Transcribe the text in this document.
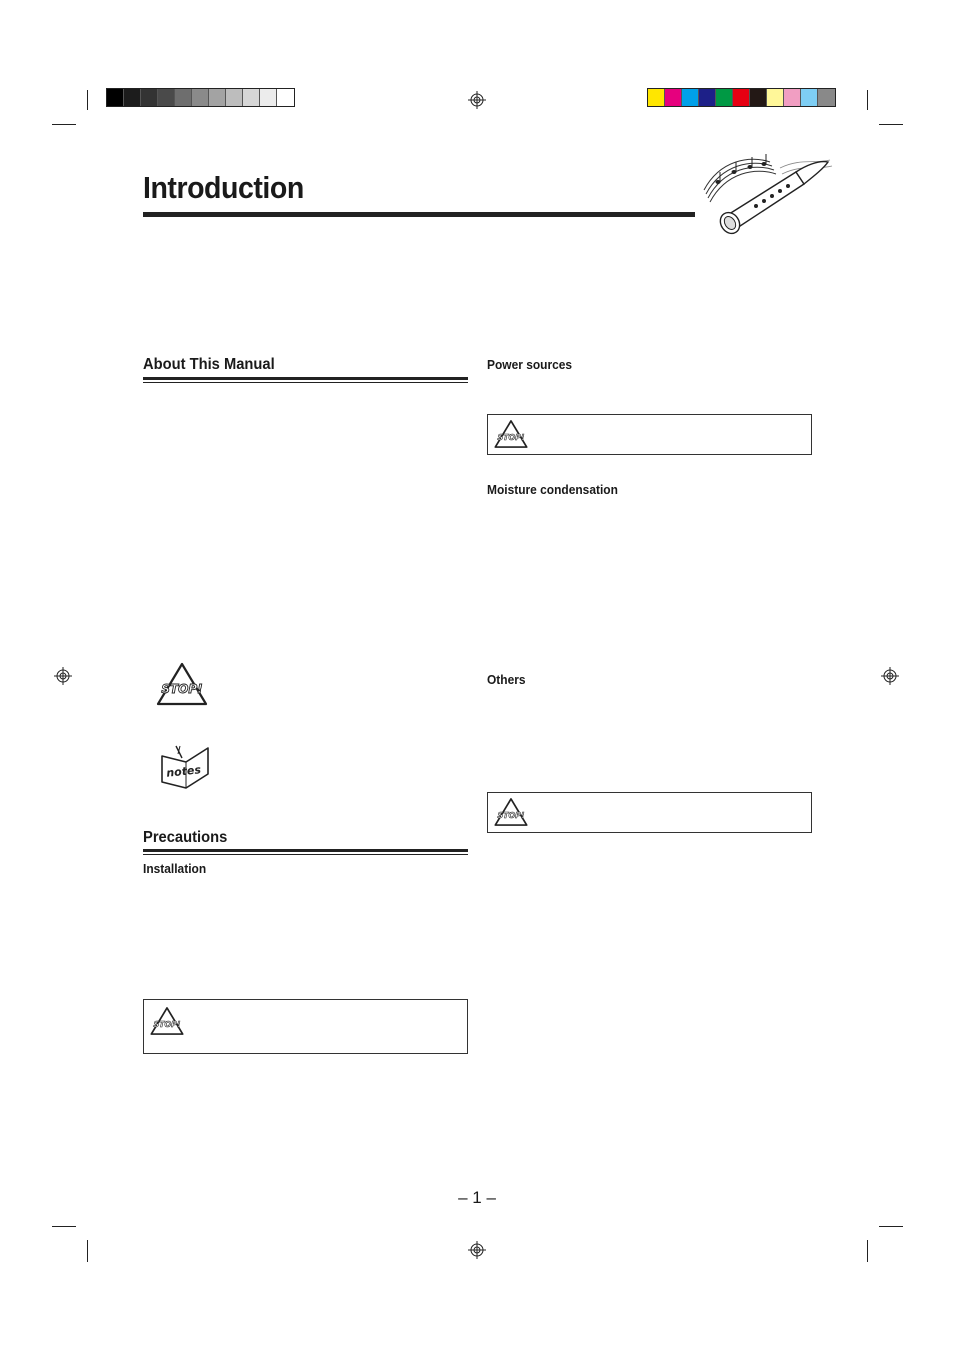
Introduction
About This Manual
STOP!
notes
Precautions
Installation
STOP!
Power sources
STOP!
Moisture condensation
Others
STOP!
– 1 –
